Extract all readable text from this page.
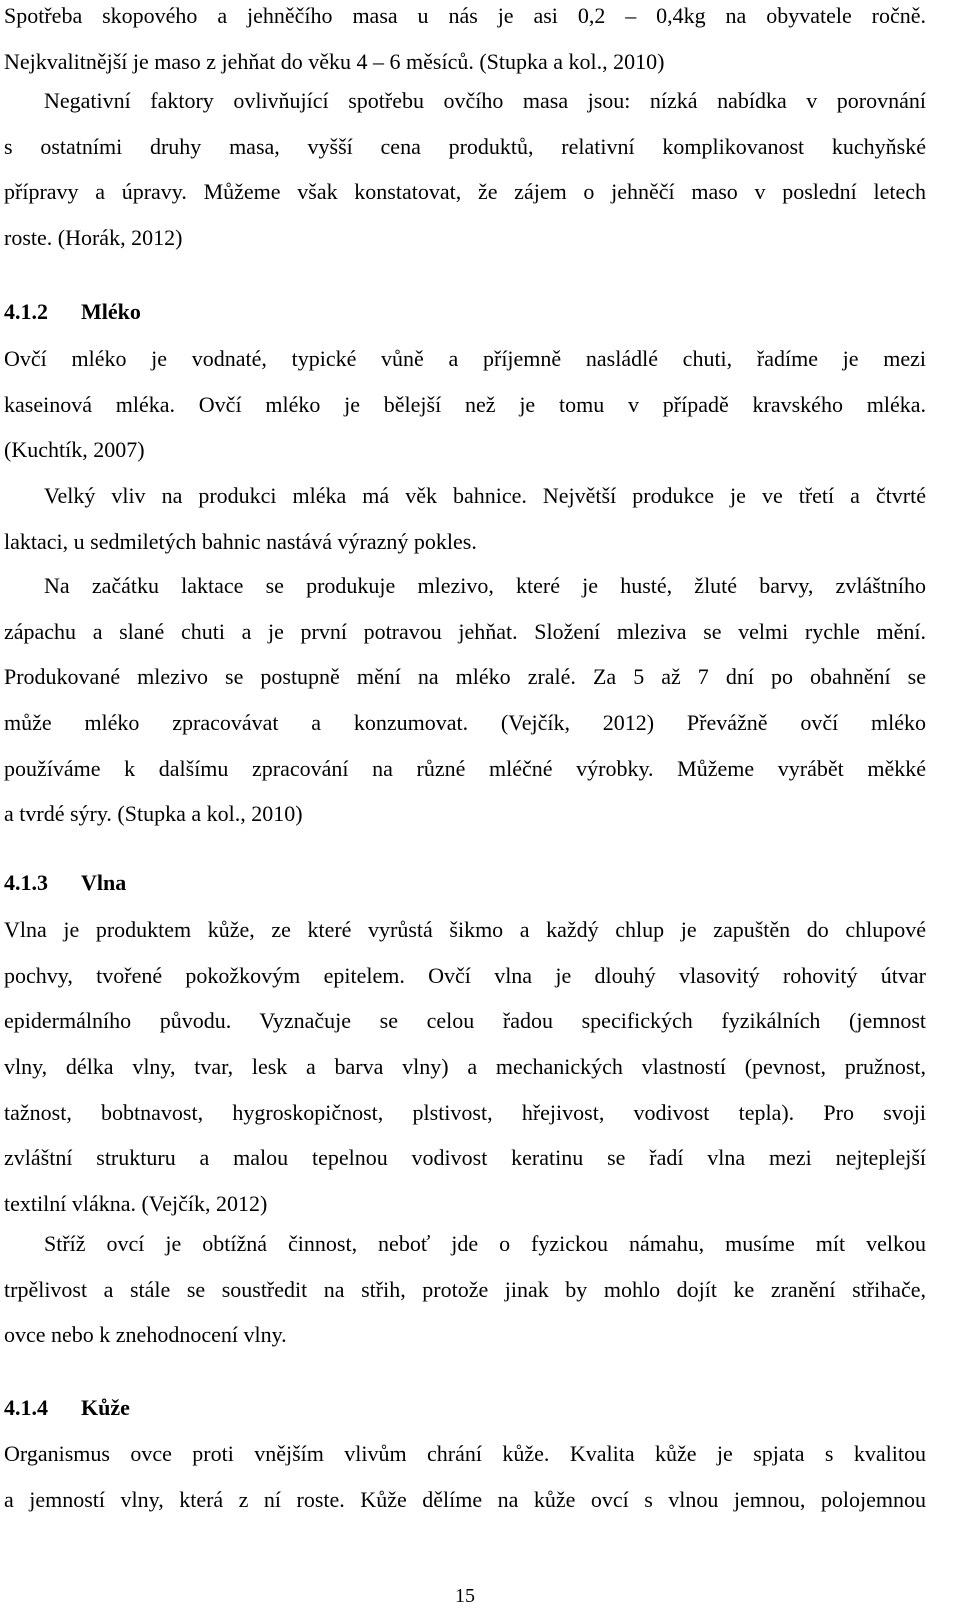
Spotřeba skopového a jehněčího masa u nás je asi 0,2 – 0,4kg na obyvatele ročně.
Nejkvalitnější je maso z jehňat do věku 4 – 6 měsíců. (Stupka a kol., 2010)
Negativní faktory ovlivňující spotřebu ovčího masa jsou: nízká nabídka v porovnání
s ostatními druhy masa, vyšší cena produktů, relativní komplikovanost kuchyňské
přípravy a úpravy. Můžeme však konstatovat, že zájem o jehněčí maso v poslední letech
roste. (Horák, 2012)
4.1.2 Mléko
Ovčí mléko je vodnaté, typické vůně a příjemně nasládlé chuti, řadíme je mezi
kaseinová mléka. Ovčí mléko je bělejší než je tomu v případě kravského mléka.
(Kuchtík, 2007)
Velký vliv na produkci mléka má věk bahnice. Největší produkce je ve třetí a čtvrté
laktaci, u sedmiletých bahnic nastává výrazný pokles.
Na začátku laktace se produkuje mlezivo, které je husté, žluté barvy, zvláštního
zápachu a slané chuti a je první potravou jehňat. Složení mleziva se velmi rychle mění.
Produkované mlezivo se postupně mění na mléko zralé. Za 5 až 7 dní po obahnění se
může mléko zpracovávat a konzumovat. (Vejčík, 2012) Převážně ovčí mléko
používáme k dalšímu zpracování na různé mléčné výrobky. Můžeme vyrábět měkké
a tvrdé sýry. (Stupka a kol., 2010)
4.1.3 Vlna
Vlna je produktem kůže, ze které vyrůstá šikmo a každý chlup je zapuštěn do chlupové
pochvy, tvořené pokožkovým epitelem. Ovčí vlna je dlouhý vlasovitý rohovitý útvar
epidermálního původu. Vyznačuje se celou řadou specifických fyzikálních (jemnost
vlny, délka vlny, tvar, lesk a barva vlny) a mechanických vlastností (pevnost, pružnost,
tažnost, bobtnavost, hygroskopičnost, plstivost, hřejivost, vodivost tepla). Pro svoji
zvláštní strukturu a malou tepelnou vodivost keratinu se řadí vlna mezi nejteplejší
textilní vlákna. (Vejčík, 2012)
Stříž ovcí je obtížná činnost, neboť jde o fyzickou námahu, musíme mít velkou
trpělivost a stále se soustředit na střih, protože jinak by mohlo dojít ke zranění střihače,
ovce nebo k znehodnocení vlny.
4.1.4 Kůže
Organismus ovce proti vnějším vlivům chrání kůže. Kvalita kůže je spjata s kvalitou
a jemností vlny, která z ní roste. Kůže dělíme na kůže ovcí s vlnou jemnou, polojemnou
15
